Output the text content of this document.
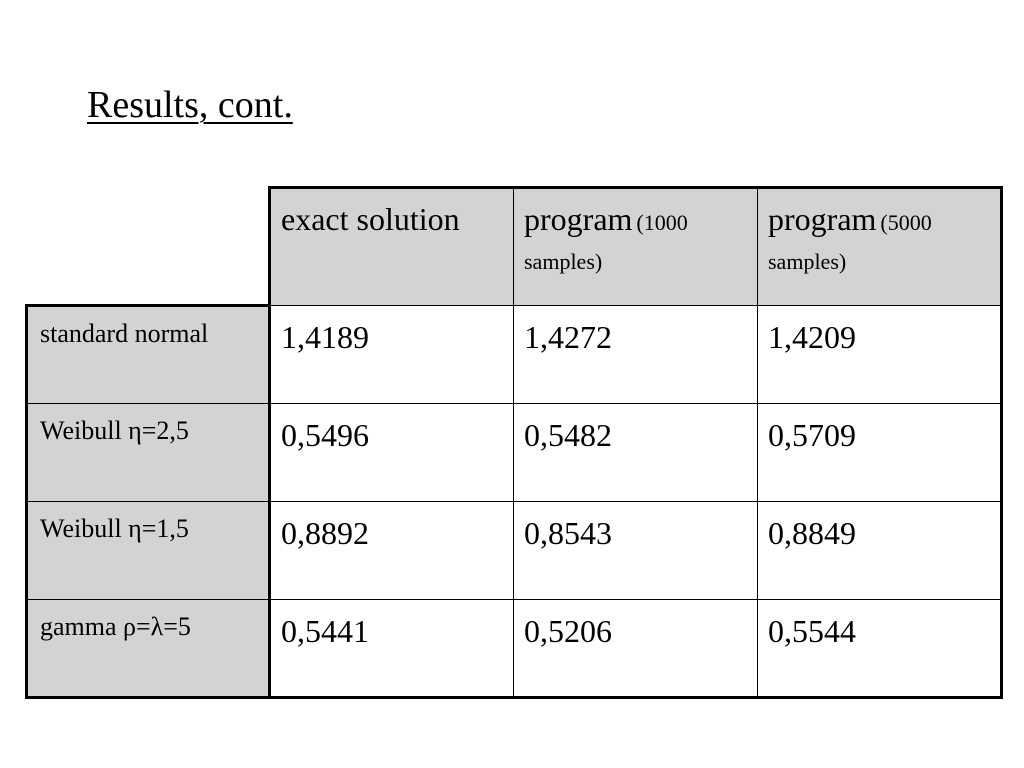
Results, cont.
	exact solution	program (1000 samples)	program (5000 samples)
standard normal	1,4189	1,4272	1,4209
Weibull η=2,5	0,5496	0,5482	0,5709
Weibull η=1,5	0,8892	0,8543	0,8849
gamma ρ=λ=5	0,5441	0,5206	0,5544
